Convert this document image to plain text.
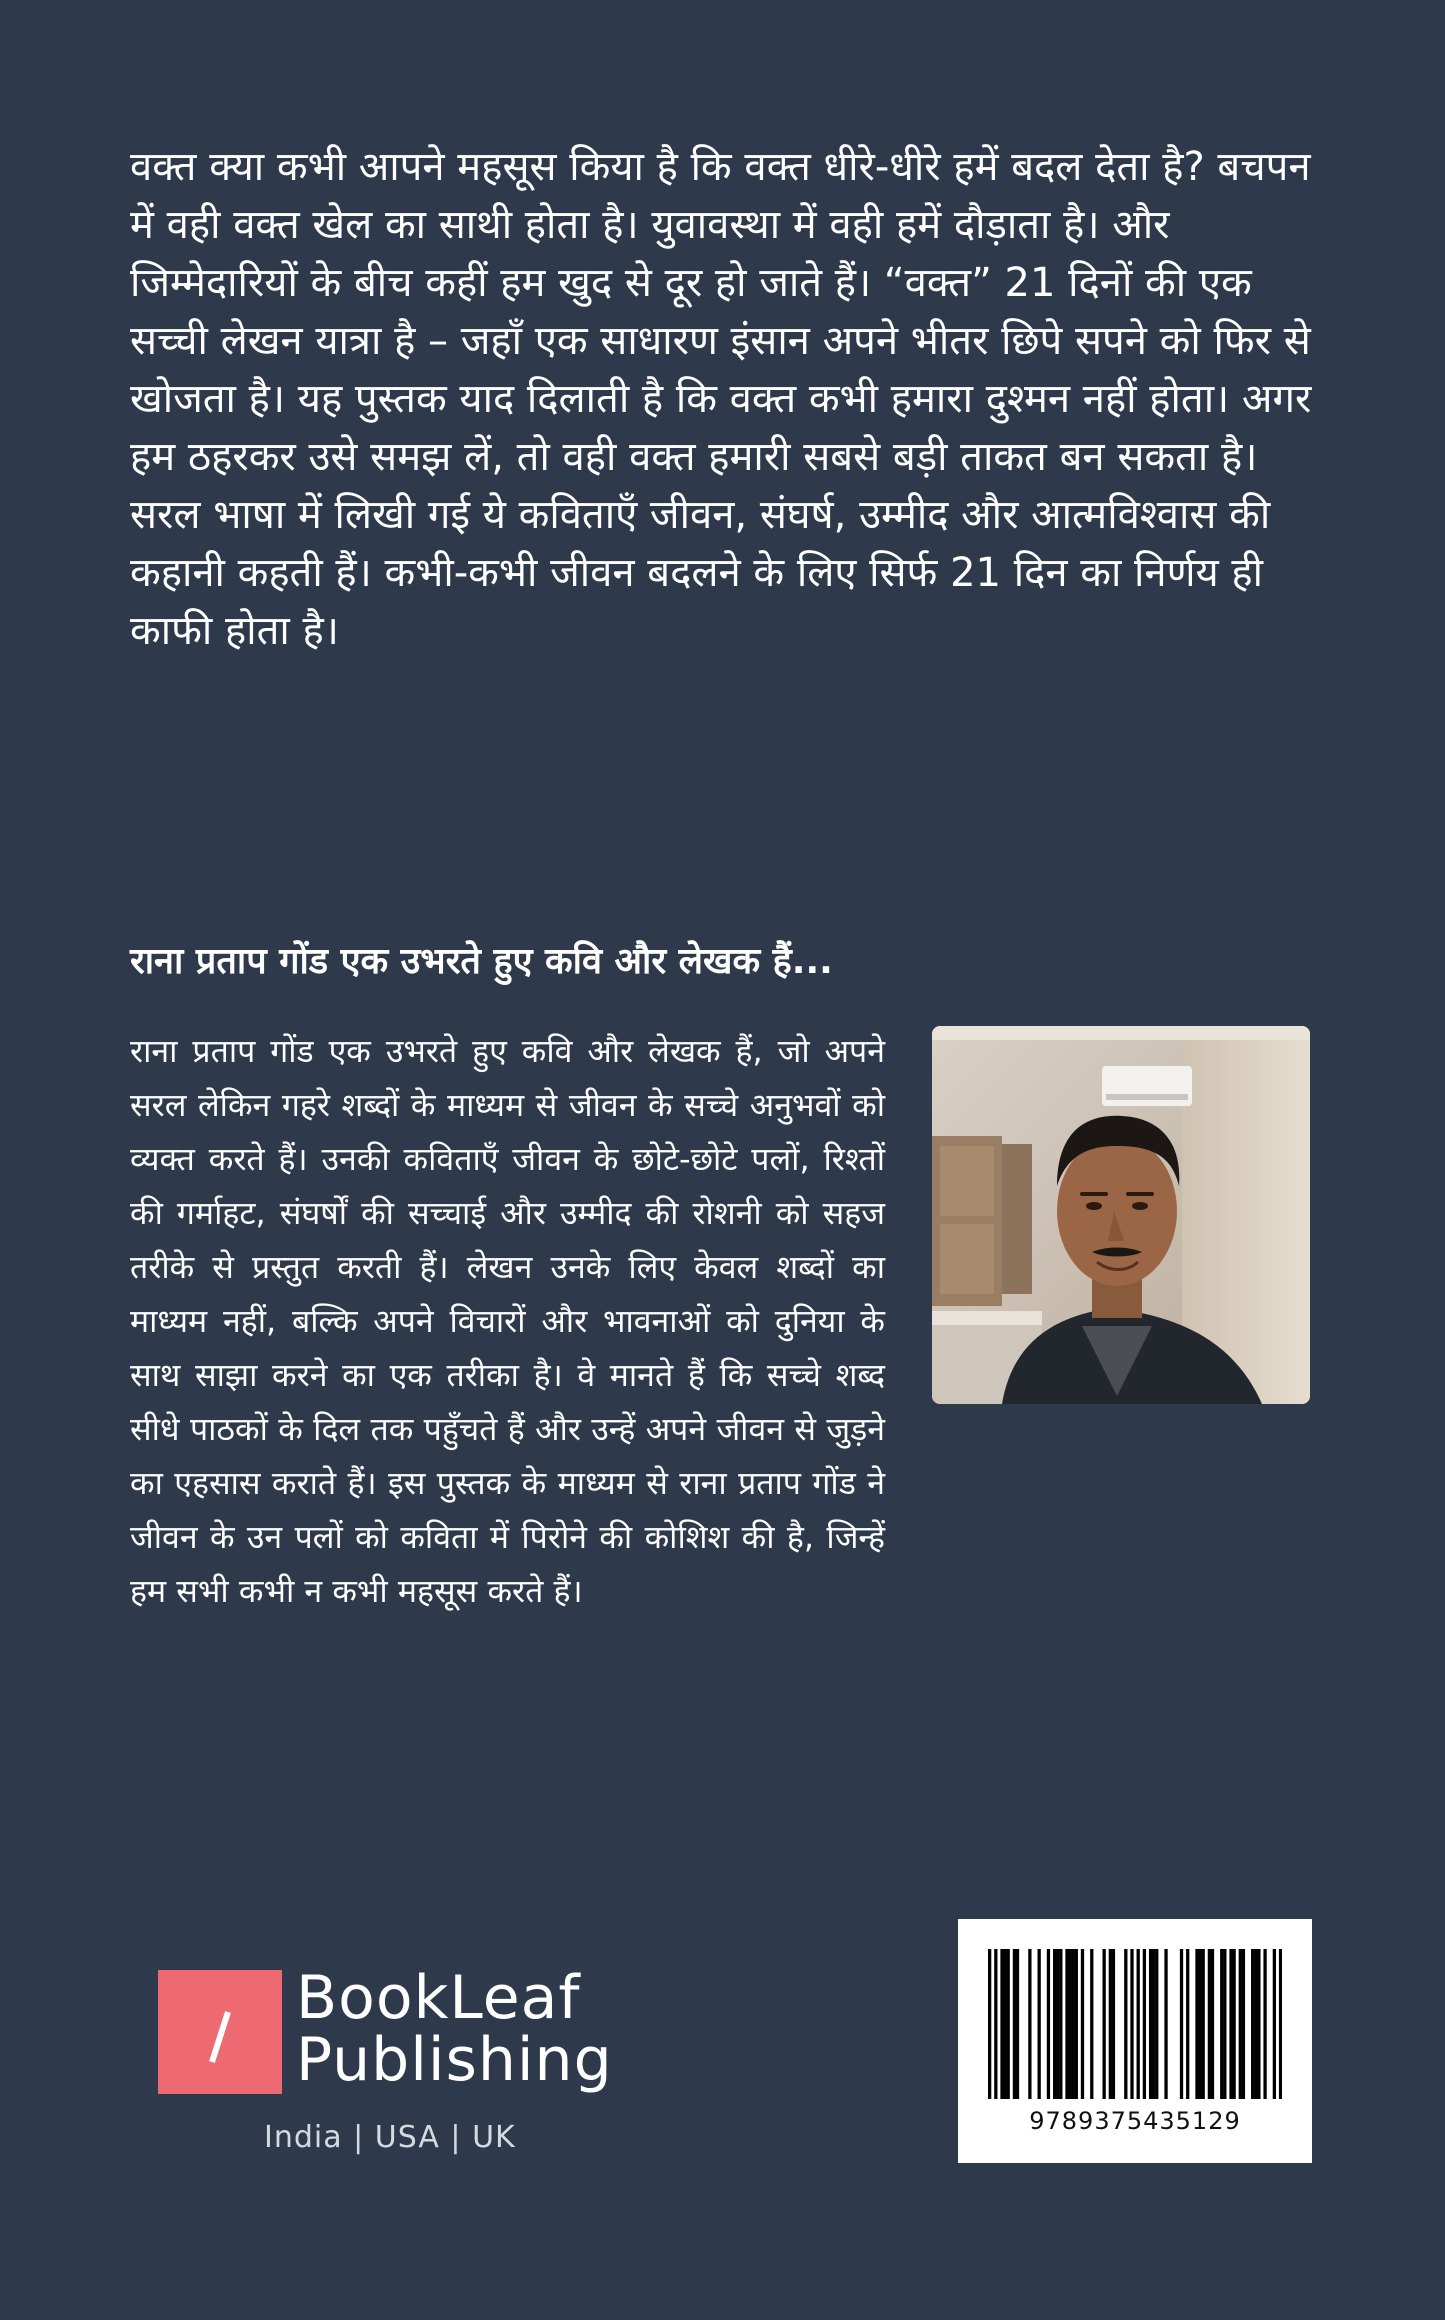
वक्त क्या कभी आपने महसूस किया है कि वक्त धीरे-धीरे हमें बदल देता है? बचपन में वही वक्त खेल का साथी होता है। युवावस्था में वही हमें दौड़ाता है। और जिम्मेदारियों के बीच कहीं हम खुद से दूर हो जाते हैं। “वक्त” 21 दिनों की एक सच्ची लेखन यात्रा है – जहाँ एक साधारण इंसान अपने भीतर छिपे सपने को फिर से खोजता है। यह पुस्तक याद दिलाती है कि वक्त कभी हमारा दुश्मन नहीं होता। अगर हम ठहरकर उसे समझ लें, तो वही वक्त हमारी सबसे बड़ी ताकत बन सकता है। सरल भाषा में लिखी गई ये कविताएँ जीवन, संघर्ष, उम्मीद और आत्मविश्वास की कहानी कहती हैं। कभी-कभी जीवन बदलने के लिए सिर्फ 21 दिन का निर्णय ही काफी होता है।

राना प्रताप गोंड एक उभरते हुए कवि और लेखक हैं...

राना प्रताप गोंड एक उभरते हुए कवि और लेखक हैं, जो अपने सरल लेकिन गहरे शब्दों के माध्यम से जीवन के सच्चे अनुभवों को व्यक्त करते हैं। उनकी कविताएँ जीवन के छोटे-छोटे पलों, रिश्तों की गर्माहट, संघर्षों की सच्चाई और उम्मीद की रोशनी को सहज तरीके से प्रस्तुत करती हैं। लेखन उनके लिए केवल शब्दों का माध्यम नहीं, बल्कि अपने विचारों और भावनाओं को दुनिया के साथ साझा करने का एक तरीका है। वे मानते हैं कि सच्चे शब्द सीधे पाठकों के दिल तक पहुँचते हैं और उन्हें अपने जीवन से जुड़ने का एहसास कराते हैं। इस पुस्तक के माध्यम से राना प्रताप गोंड ने जीवन के उन पलों को कविता में पिरोने की कोशिश की है, जिन्हें हम सभी कभी न कभी महसूस करते हैं।

BookLeaf
Publishing
India | USA | UK	9789375435129
